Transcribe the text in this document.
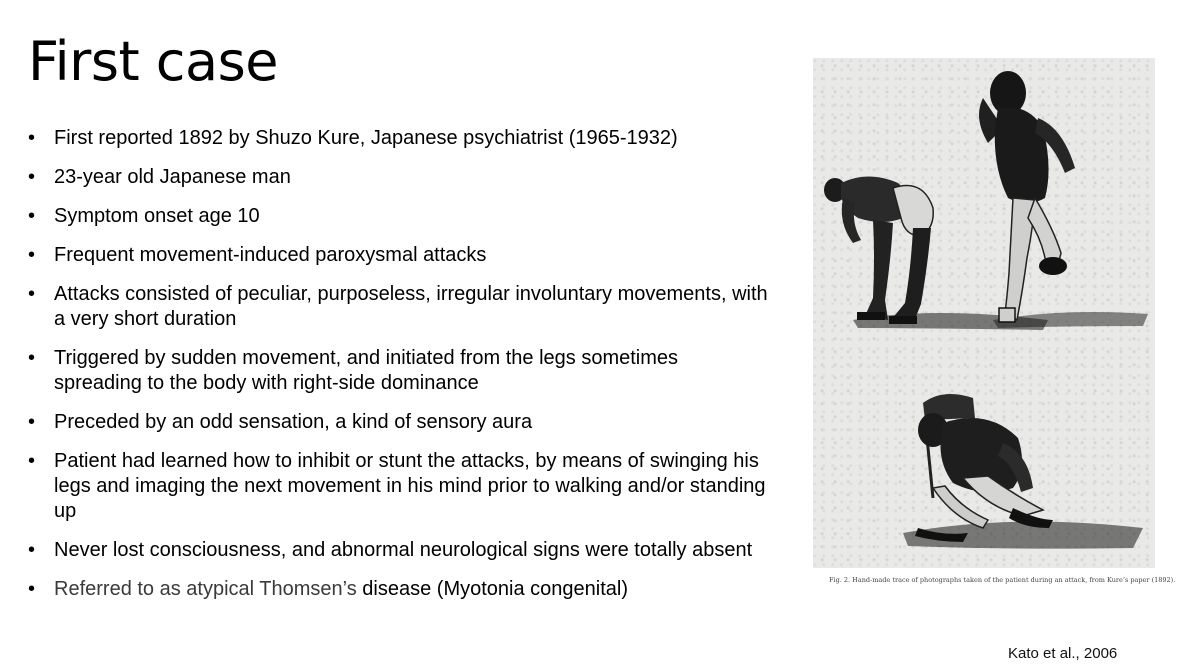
First case
• First reported 1892 by Shuzo Kure, Japanese psychiatrist (1965-1932)
• 23-year old Japanese man
• Symptom onset age 10
• Frequent movement-induced paroxysmal attacks
• Attacks consisted of peculiar, purposeless, irregular involuntary movements, with a very short duration
• Triggered by sudden movement, and initiated from the legs sometimes spreading to the body with right-side dominance
• Preceded by an odd sensation, a kind of sensory aura
• Patient had learned how to inhibit or stunt the attacks, by means of swinging his legs and imaging the next movement in his mind prior to walking and/or standing up
• Never lost consciousness, and abnormal neurological signs were totally absent
• Referred to as atypical Thomsen’s disease (Myotonia congenital)	Fig. 2. Hand-made trace of photographs taken of the patient during an attack, from Kure’s paper (1892).
Kato et al., 2006
